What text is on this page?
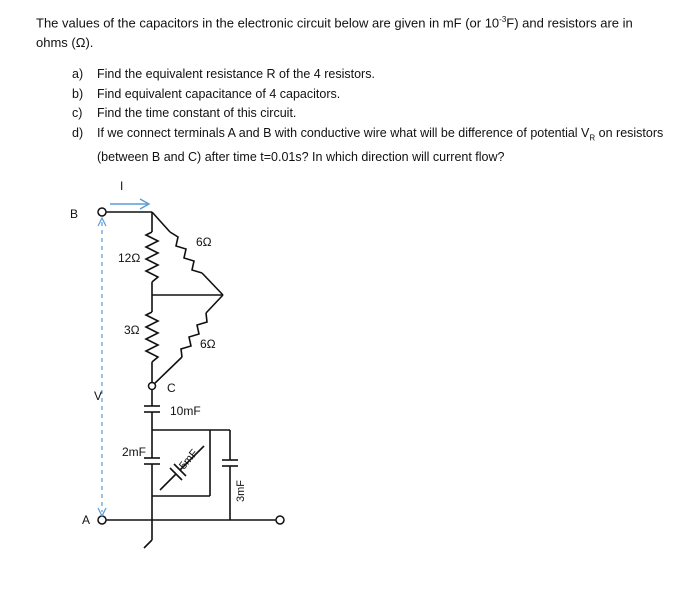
The values of the capacitors in the electronic circuit below are given in mF (or $10^{-3}F$) and resistors are in ohms (Ω).
a)	Find the equivalent resistance R of the 4 resistors.
b)	Find equivalent capacitance of 4 capacitors.
c)	Find the time constant of this circuit.
d)	If we connect terminals A and B with conductive wire what will be difference of potential $V_R$ on resistors (between B and C) after time t=0.01s? In which direction will current flow?
I
B
A
V
C
12Ω
6Ω
3Ω
6Ω
10mF
2mF	5mF
3mF
